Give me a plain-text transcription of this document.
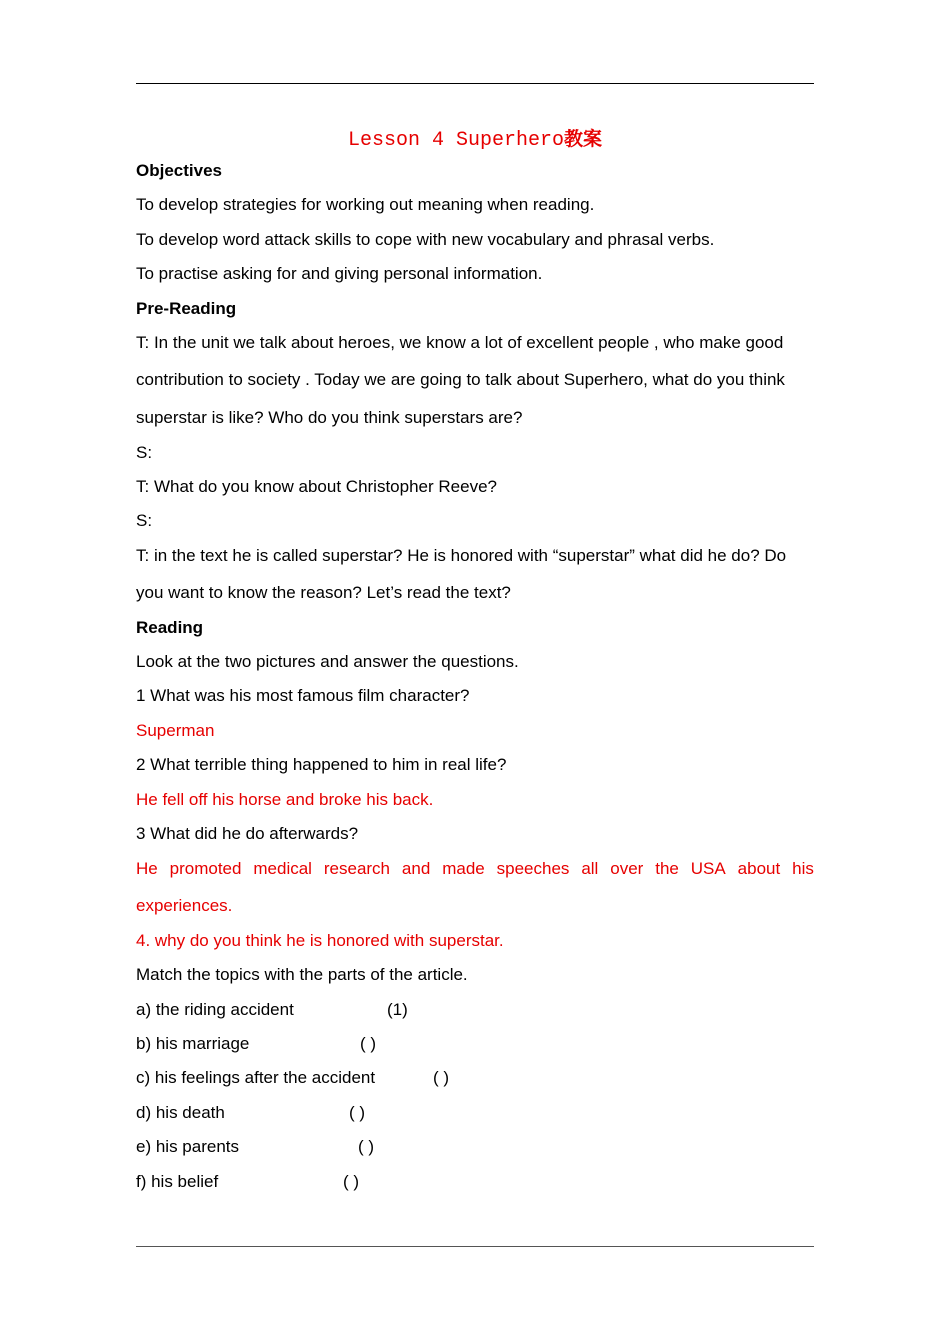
Lesson 4 Superhero教案
Objectives
To develop strategies for working out meaning when reading.
To develop word attack skills to cope with new vocabulary and phrasal verbs.
To practise asking for and giving personal information.
Pre-Reading
T: In the unit we talk about heroes, we know a lot of excellent people , who make good
contribution to society . Today we are going to talk about Superhero, what do you think
superstar is like? Who do you think superstars are?
S:
T: What do you know about Christopher Reeve?
S:
T: in the text he is called superstar? He is honored with “superstar” what did he do? Do
you want to know the reason? Let’s read the text?
Reading
Look at the two pictures and answer the questions.
1 What was his most famous film character?
Superman
2 What terrible thing happened to him in real life?
He fell off his horse and broke his back.
3 What did he do afterwards?
He promoted medical research and made speeches all over the USA about his
experiences.
4. why do you think he is honored with superstar.
Match the topics with the parts of the article.
a) the riding accident	(1)
b) his marriage	( )
c) his feelings after the accident	( )
d) his death	( )
e) his parents	( )
f) his belief	( )
